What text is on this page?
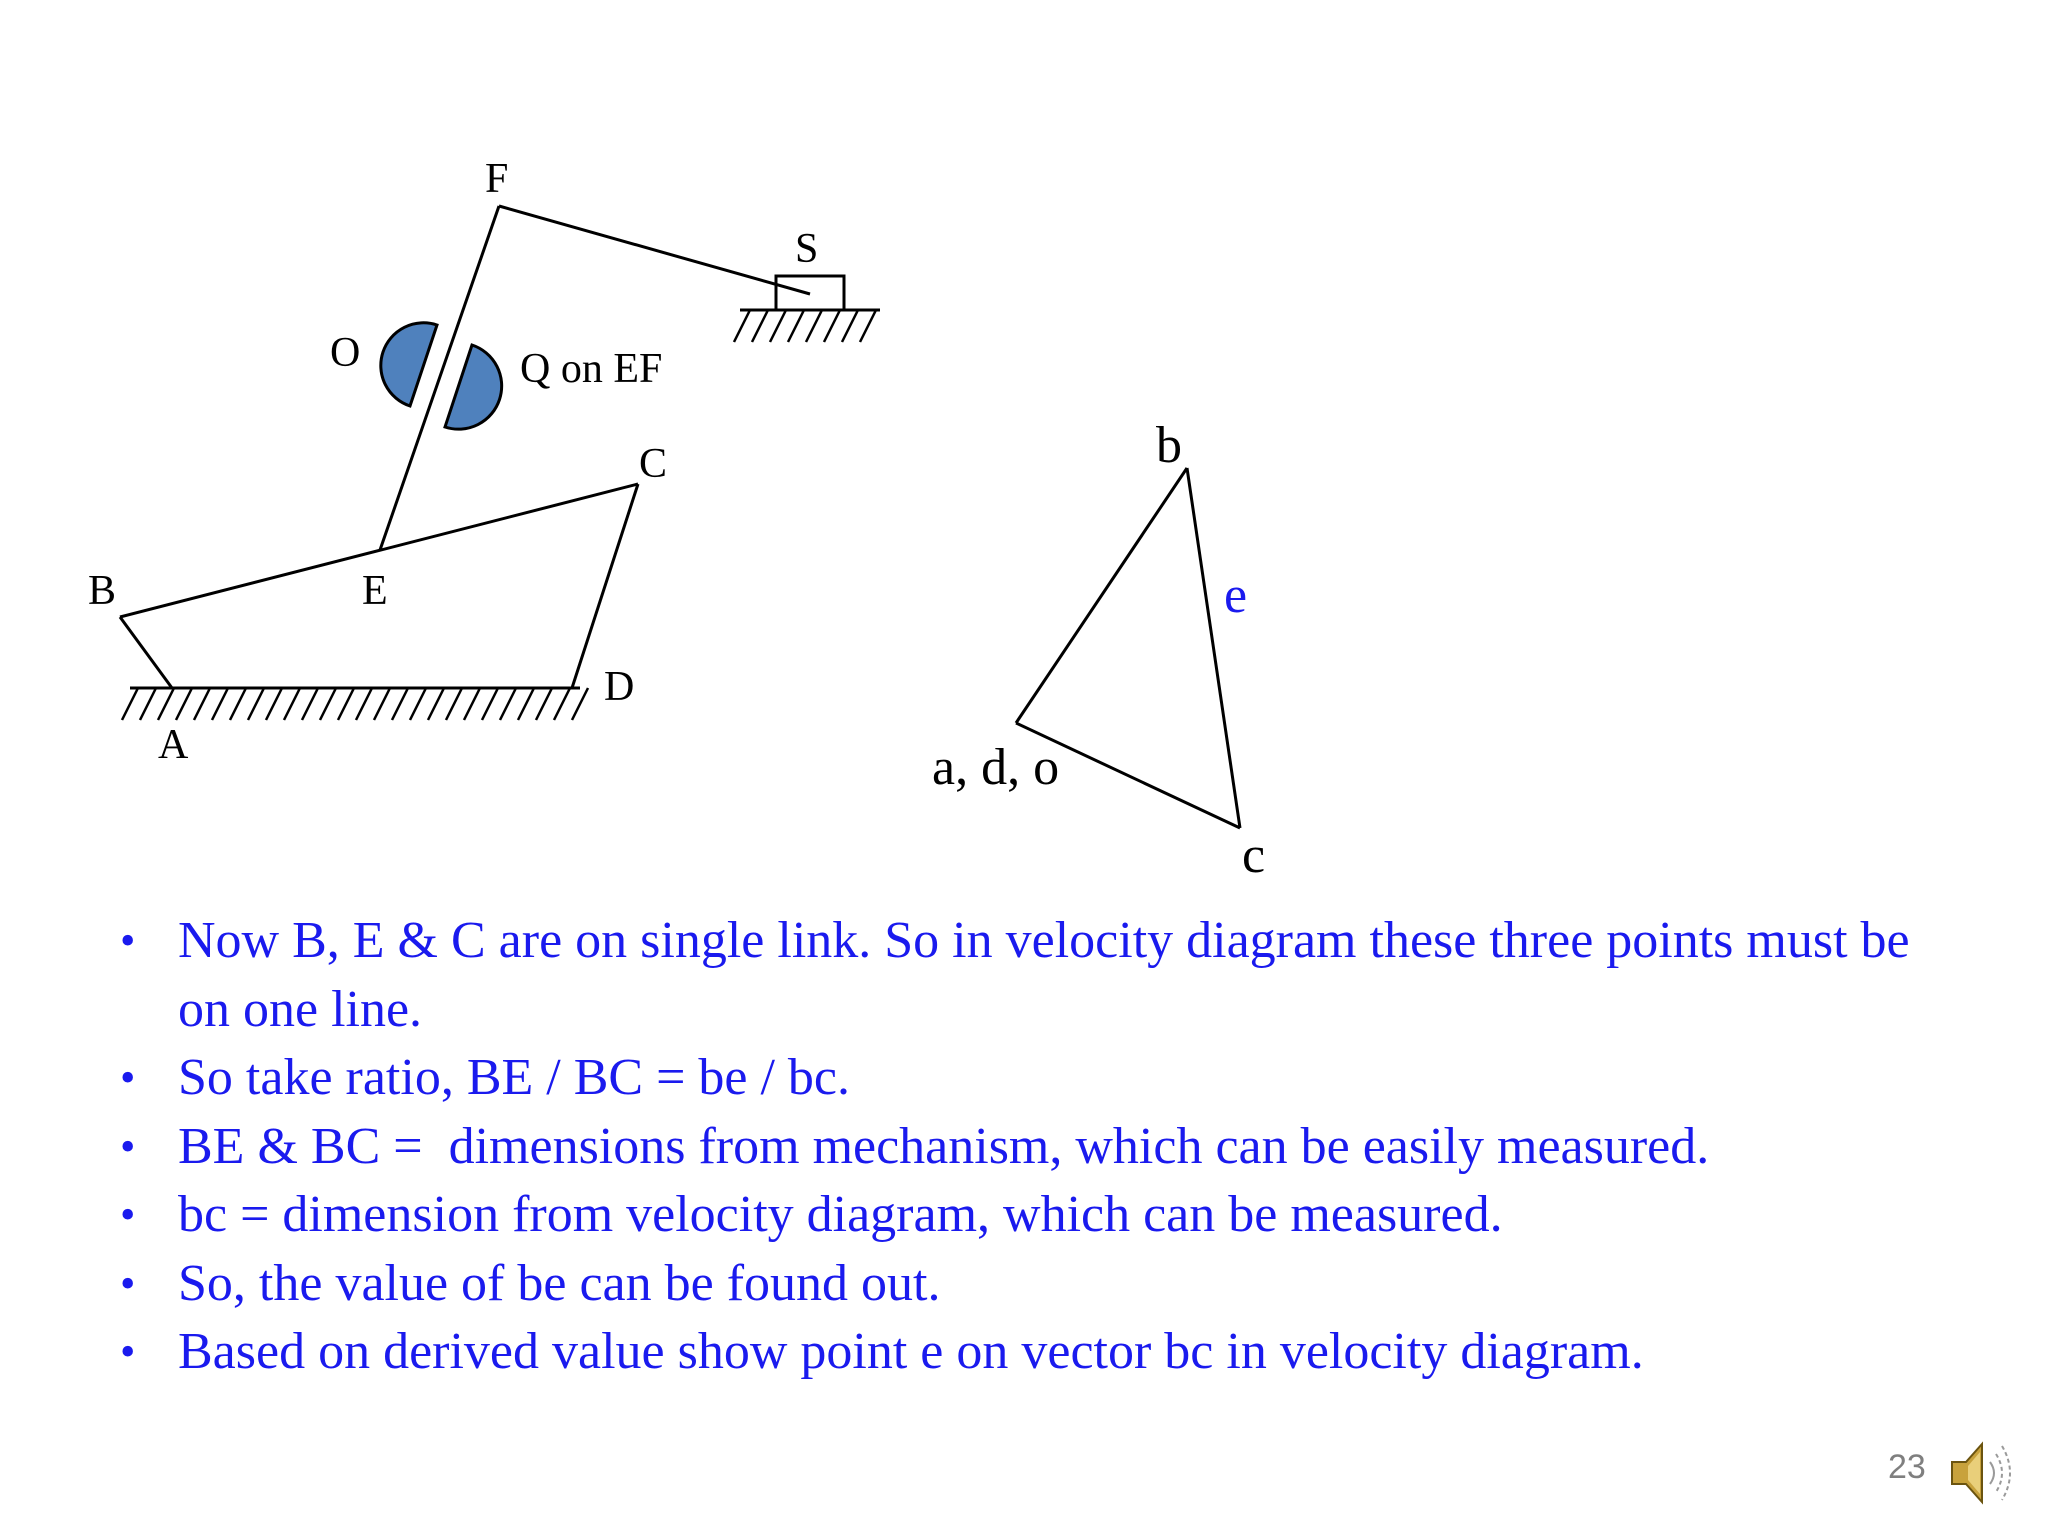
F
S
O	Q on EF
C
B	E
D
A
b
e
a, d, o
c
• Now B, E & C are on single link. So in velocity diagram these three points must be on one line.
• So take ratio, BE / BC = be / bc.
• BE & BC =  dimensions from mechanism, which can be easily measured.
• bc = dimension from velocity diagram, which can be measured.
• So, the value of be can be found out.
• Based on derived value show point e on vector bc in velocity diagram.
23
